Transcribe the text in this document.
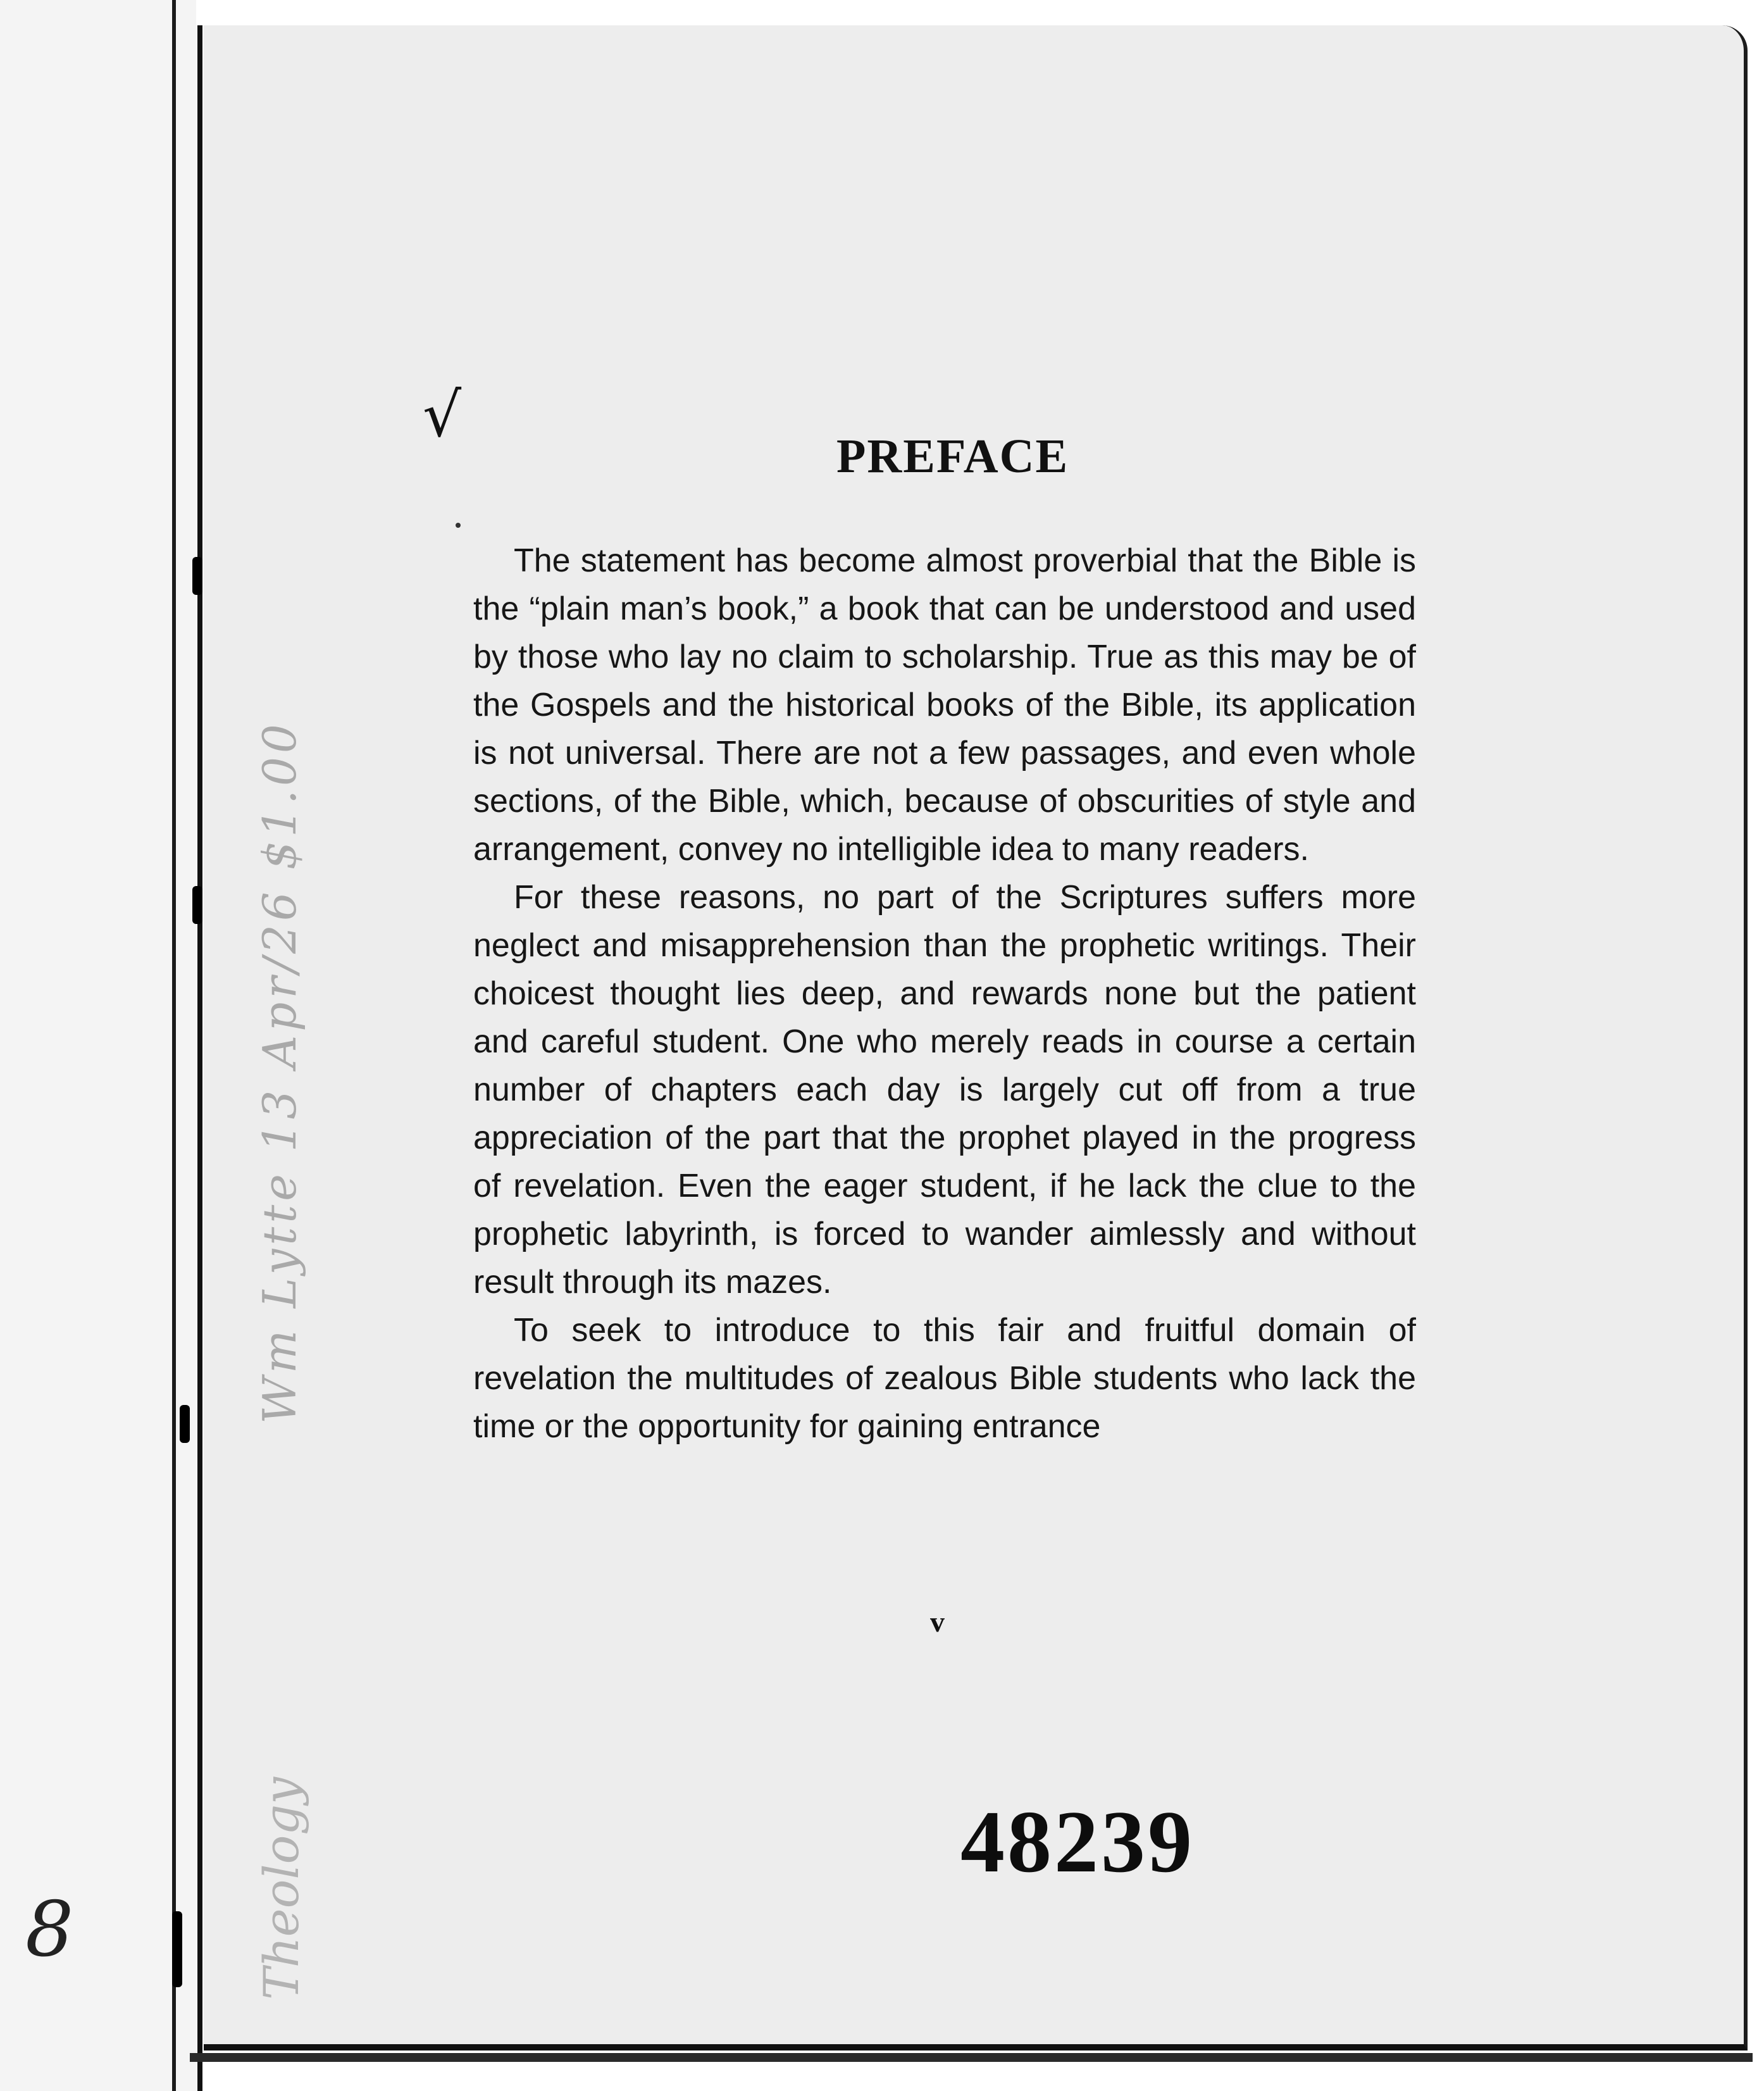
√
PREFACE

The statement has become almost proverbial that the Bible is the “plain man’s book,” a book that can be understood and used by those who lay no claim to scholarship. True as this may be of the Gospels and the historical books of the Bible, its application is not universal. There are not a few passages, and even whole sections, of the Bible, which, because of obscurities of style and arrangement, convey no intelligible idea to many readers.

For these reasons, no part of the Scriptures suffers more neglect and misapprehension than the prophetic writings. Their choicest thought lies deep, and rewards none but the patient and careful student. One who merely reads in course a certain number of chapters each day is largely cut off from a true appreciation of the part that the prophet played in the progress of revelation. Even the eager student, if he lack the clue to the prophetic labyrinth, is forced to wander aimlessly and without result through its mazes.

To seek to introduce to this fair and fruitful domain of revelation the multitudes of zealous Bible students who lack the time or the opportunity for gaining entrance

v
48239
Wm Lytte 13 Apr/26 $1.00
Theology
8
